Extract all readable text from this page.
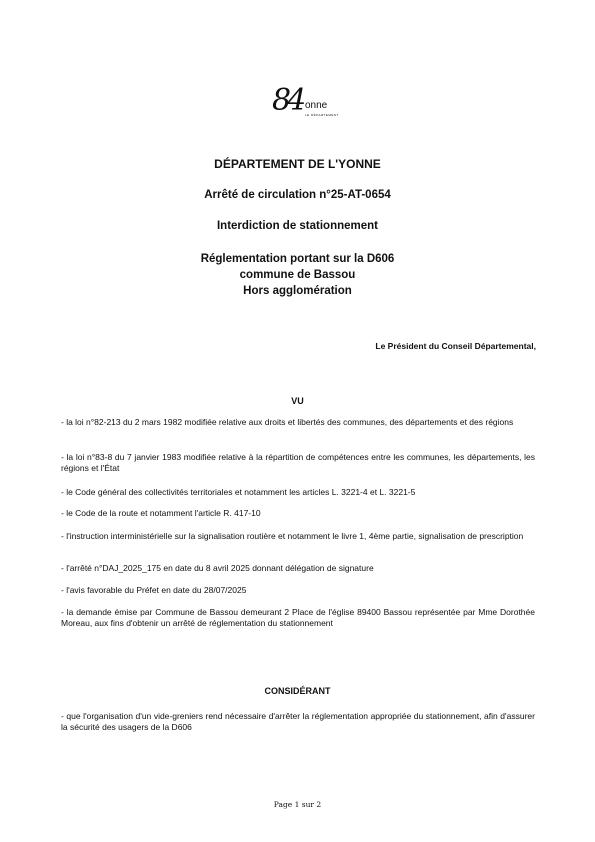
84 onne
LE DÉPARTEMENT
DÉPARTEMENT DE L'YONNE
Arrêté de circulation n°25-AT-0654
Interdiction de stationnement
Réglementation portant sur la D606
commune de Bassou
Hors agglomération
Le Président du Conseil Départemental,
VU
- la loi n°82-213 du 2 mars 1982 modifiée relative aux droits et libertés des communes, des départements et des régions
- la loi n°83-8 du 7 janvier 1983 modifiée relative à la répartition de compétences entre les communes, les départements, les régions et l'État
- le Code général des collectivités territoriales et notamment les articles L. 3221-4 et L. 3221-5
- le Code de la route et notamment l'article R. 417-10
- l'instruction interministérielle sur la signalisation routière et notamment le livre 1, 4ème partie, signalisation de prescription
- l'arrêté n°DAJ_2025_175 en date du 8 avril 2025 donnant délégation de signature
- l'avis favorable du Préfet en date du 28/07/2025
- la demande émise par Commune de Bassou demeurant 2 Place de l'église 89400 Bassou représentée par Mme Dorothée Moreau, aux fins d'obtenir un arrêté de réglementation du stationnement
CONSIDÉRANT
- que l'organisation d'un vide-greniers rend nécessaire d'arrêter la réglementation appropriée du stationnement, afin d'assurer la sécurité des usagers de la D606
Page 1 sur 2
